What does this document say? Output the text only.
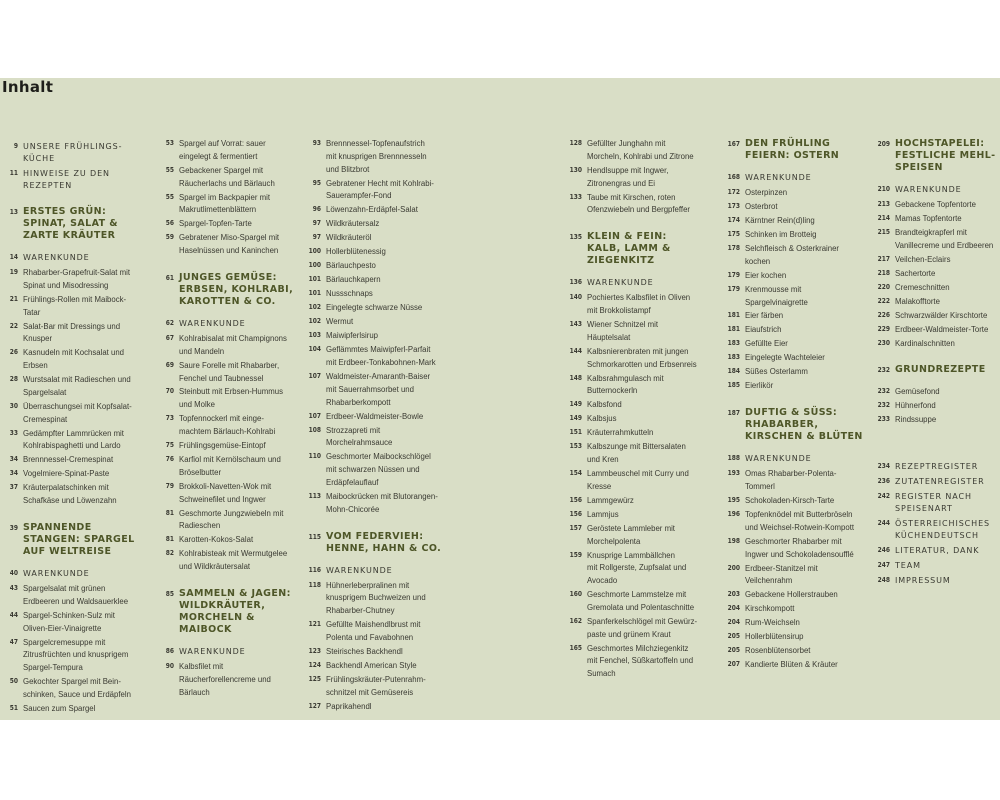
Inhalt
9 UNSERE FRÜHLINGS-
KÜCHE
11 HINWEISE ZU DEN
REZEPTEN
13 ERSTES GRÜN:
SPINAT, SALAT &
ZARTE KRÄUTER
14 WARENKUNDE
19 Rhabarber-Grapefruit-Salat mit
Spinat und Misodressing
21 Frühlings-Rollen mit Maibock-
Tatar
22 Salat-Bar mit Dressings und
Knusper
26 Kasnudeln mit Kochsalat und
Erbsen
28 Wurstsalat mit Radieschen und
Spargelsalat
30 Überraschungsei mit Kopfsalat-
Cremespinat
33 Gedämpfter Lammrücken mit
Kohlrabispaghetti und Lardo
34 Brennnessel-Cremespinat
34 Vogelmiere-Spinat-Paste
37 Kräuterpalatschinken mit
Schafkäse und Löwenzahn
39 SPANNENDE
STANGEN: SPARGEL
AUF WELTREISE
40 WARENKUNDE
43 Spargelsalat mit grünen
Erdbeeren und Waldsauerklee
44 Spargel-Schinken-Sulz mit
Oliven-Eier-Vinaigrette
47 Spargelcremesuppe mit
Zitrusfrüchten und knusprigem
Spargel-Tempura
50 Gekochter Spargel mit Bein-
schinken, Sauce und Erdäpfeln
51 Saucen zum Spargel
53 Spargel auf Vorrat: sauer
eingelegt & fermentiert
55 Gebackener Spargel mit
Räucherlachs und Bärlauch
55 Spargel im Backpapier mit
Makrutlimettenblättern
56 Spargel-Topfen-Tarte
59 Gebratener Miso-Spargel mit
Haselnüssen und Kaninchen
61 JUNGES GEMÜSE:
ERBSEN, KOHLRABI,
KAROTTEN & CO.
62 WARENKUNDE
67 Kohlrabisalat mit Champignons
und Mandeln
69 Saure Forelle mit Rhabarber,
Fenchel und Taubnessel
70 Steinbutt mit Erbsen-Hummus
und Molke
73 Topfennockerl mit einge-
machtem Bärlauch-Kohlrabi
75 Frühlingsgemüse-Eintopf
76 Karfiol mit Kernölschaum und
Bröselbutter
79 Brokkoli-Navetten-Wok mit
Schweinefilet und Ingwer
81 Geschmorte Jungzwiebeln mit
Radieschen
81 Karotten-Kokos-Salat
82 Kohlrabisteak mit Wermutgelee
und Wildkräutersalat
85 SAMMELN & JAGEN:
WILDKRÄUTER,
MORCHELN &
MAIBOCK
86 WARENKUNDE
90 Kalbsfilet mit
Räucherforellencreme und
Bärlauch
93 Brennnessel-Topfenaufstrich
mit knusprigen Brennnesseln
und Blitzbrot
95 Gebratener Hecht mit Kohlrabi-
Sauerampfer-Fond
96 Löwenzahn-Erdäpfel-Salat
97 Wildkräutersalz
97 Wildkräuteröl
100 Hollerblütenessig
100 Bärlauchpesto
101 Bärlauchkapern
101 Nussschnaps
102 Eingelegte schwarze Nüsse
102 Wermut
103 Maiwipferlsirup
104 Geflämmtes Maiwipferl-Parfait
mit Erdbeer-Tonkabohnen-Mark
107 Waldmeister-Amaranth-Baiser
mit Sauerrahmsorbet und
Rhabarberkompott
107 Erdbeer-Waldmeister-Bowle
108 Strozzapreti mit
Morchelrahmsauce
110 Geschmorter Maibockschlögel
mit schwarzen Nüssen und
Erdäpfelauflauf
113 Maibockrücken mit Blutorangen-
Mohn-Chicorée
115 VOM FEDERVIEH:
HENNE, HAHN & CO.
116 WARENKUNDE
118 Hühnerleberpralinen mit
knusprigem Buchweizen und
Rhabarber-Chutney
121 Gefüllte Maishendlbrust mit
Polenta und Favabohnen
123 Steirisches Backhendl
124 Backhendl American Style
125 Frühlingskräuter-Putenrahm-
schnitzel mit Gemüsereis
127 Paprikahendl
128 Gefüllter Junghahn mit
Morcheln, Kohlrabi und Zitrone
130 Hendlsuppe mit Ingwer,
Zitronengras und Ei
133 Taube mit Kirschen, roten
Ofenzwiebeln und Bergpfeffer
135 KLEIN & FEIN:
KALB, LAMM &
ZIEGENKITZ
136 WARENKUNDE
140 Pochiertes Kalbsfilet in Oliven
mit Brokkolistampf
143 Wiener Schnitzel mit
Häuptelsalat
144 Kalbsnierenbraten mit jungen
Schmorkarotten und Erbsenreis
148 Kalbsrahmgulasch mit
Butternockerln
149 Kalbsfond
149 Kalbsjus
151 Kräuterrahmkutteln
153 Kalbszunge mit Bittersalaten
und Kren
154 Lammbeuschel mit Curry und
Kresse
156 Lammgewürz
156 Lammjus
157 Geröstete Lammleber mit
Morchelpolenta
159 Knusprige Lammbällchen
mit Rollgerste, Zupfsalat und
Avocado
160 Geschmorte Lammstelze mit
Gremolata und Polentaschnitte
162 Spanferkelschlögel mit Gewürz-
paste und grünem Kraut
165 Geschmortes Milchziegenkitz
mit Fenchel, Süßkartoffeln und
Sumach
167 DEN FRÜHLING
FEIERN: OSTERN
168 WARENKUNDE
172 Osterpinzen
173 Osterbrot
174 Kärntner Rein(d)ling
175 Schinken im Brotteig
178 Selchfleisch & Osterkrainer
kochen
179 Eier kochen
179 Krenmousse mit
Spargelvinaigrette
181 Eier färben
181 Eiaufstrich
183 Gefüllte Eier
183 Eingelegte Wachteleier
184 Süßes Osterlamm
185 Eierlikör
187 DUFTIG & SÜSS:
RHABARBER,
KIRSCHEN & BLÜTEN
188 WARENKUNDE
193 Omas Rhabarber-Polenta-
Tommerl
195 Schokoladen-Kirsch-Tarte
196 Topfenknödel mit Butterbröseln
und Weichsel-Rotwein-Kompott
198 Geschmorter Rhabarber mit
Ingwer und Schokoladensoufflé
200 Erdbeer-Stanitzel mit
Veilchenrahm
203 Gebackene Hollerstrauben
204 Kirschkompott
204 Rum-Weichseln
205 Hollerblütensirup
205 Rosenblütensorbet
207 Kandierte Blüten & Kräuter
209 HOCHSTAPELEI:
FESTLICHE MEHL-
SPEISEN
210 WARENKUNDE
213 Gebackene Topfentorte
214 Mamas Topfentorte
215 Brandteigkrapferl mit
Vanillecreme und Erdbeeren
217 Veilchen-Eclairs
218 Sachertorte
220 Cremeschnitten
222 Malakofftorte
226 Schwarzwälder Kirschtorte
229 Erdbeer-Waldmeister-Torte
230 Kardinalschnitten
232 GRUNDREZEPTE
232 Gemüsefond
232 Hühnerfond
233 Rindssuppe
234 REZEPTREGISTER
236 ZUTATENREGISTER
242 REGISTER NACH
SPEISENART
244 ÖSTERREICHISCHES
KÜCHENDEUTSCH
246 LITERATUR, DANK
247 TEAM
248 IMPRESSUM
